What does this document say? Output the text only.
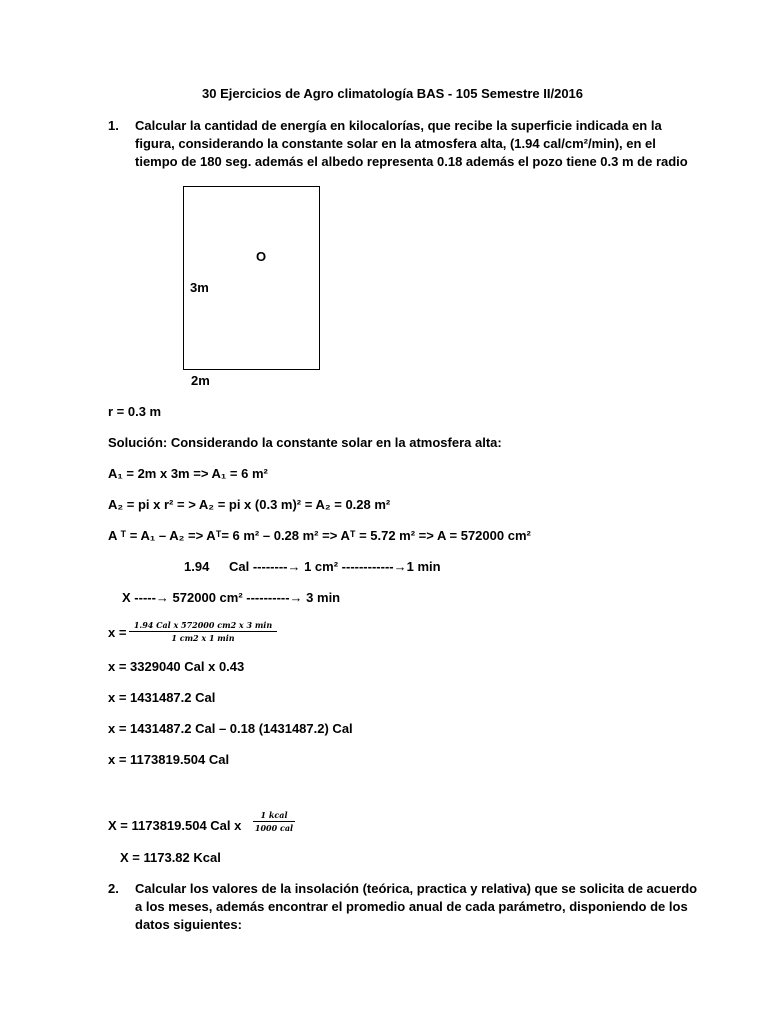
30 Ejercicios de Agro climatología BAS - 105 Semestre II/2016
1. Calcular la cantidad de energía en kilocalorías, que recibe la superficie indicada en la
figura, considerando la constante solar en la atmosfera alta, (1.94 cal/cm²/min), en el
tiempo de 180 seg. además el albedo representa 0.18 además el pozo tiene 0.3 m de radio
O
3m
2m
r = 0.3 m
Solución: Considerando la constante solar en la atmosfera alta:
A₁ = 2m x 3m => A₁ = 6 m²
A₂ = pi x r² = > A₂ = pi x (0.3 m)² = A₂ = 0.28 m²
A ᵀ = A₁ – A₂ => Aᵀ= 6 m² – 0.28 m² => Aᵀ = 5.72 m² => A = 572000 cm²
1.94 Cal --------→ 1 cm² ------------→1 min
X -----→ 572000 cm² ----------→ 3 min
x = 1.94 Cal x 572000 cm2 x 3 min
1 cm2 x 1 min
x = 3329040 Cal x 0.43
x = 1431487.2 Cal
x = 1431487.2 Cal – 0.18 (1431487.2) Cal
x = 1173819.504 Cal
X = 1173819.504 Cal x
1 kcal
1000 cal
X = 1173.82 Kcal
2. Calcular los valores de la insolación (teórica, practica y relativa) que se solicita de acuerdo
a los meses, además encontrar el promedio anual de cada parámetro, disponiendo de los
datos siguientes:
